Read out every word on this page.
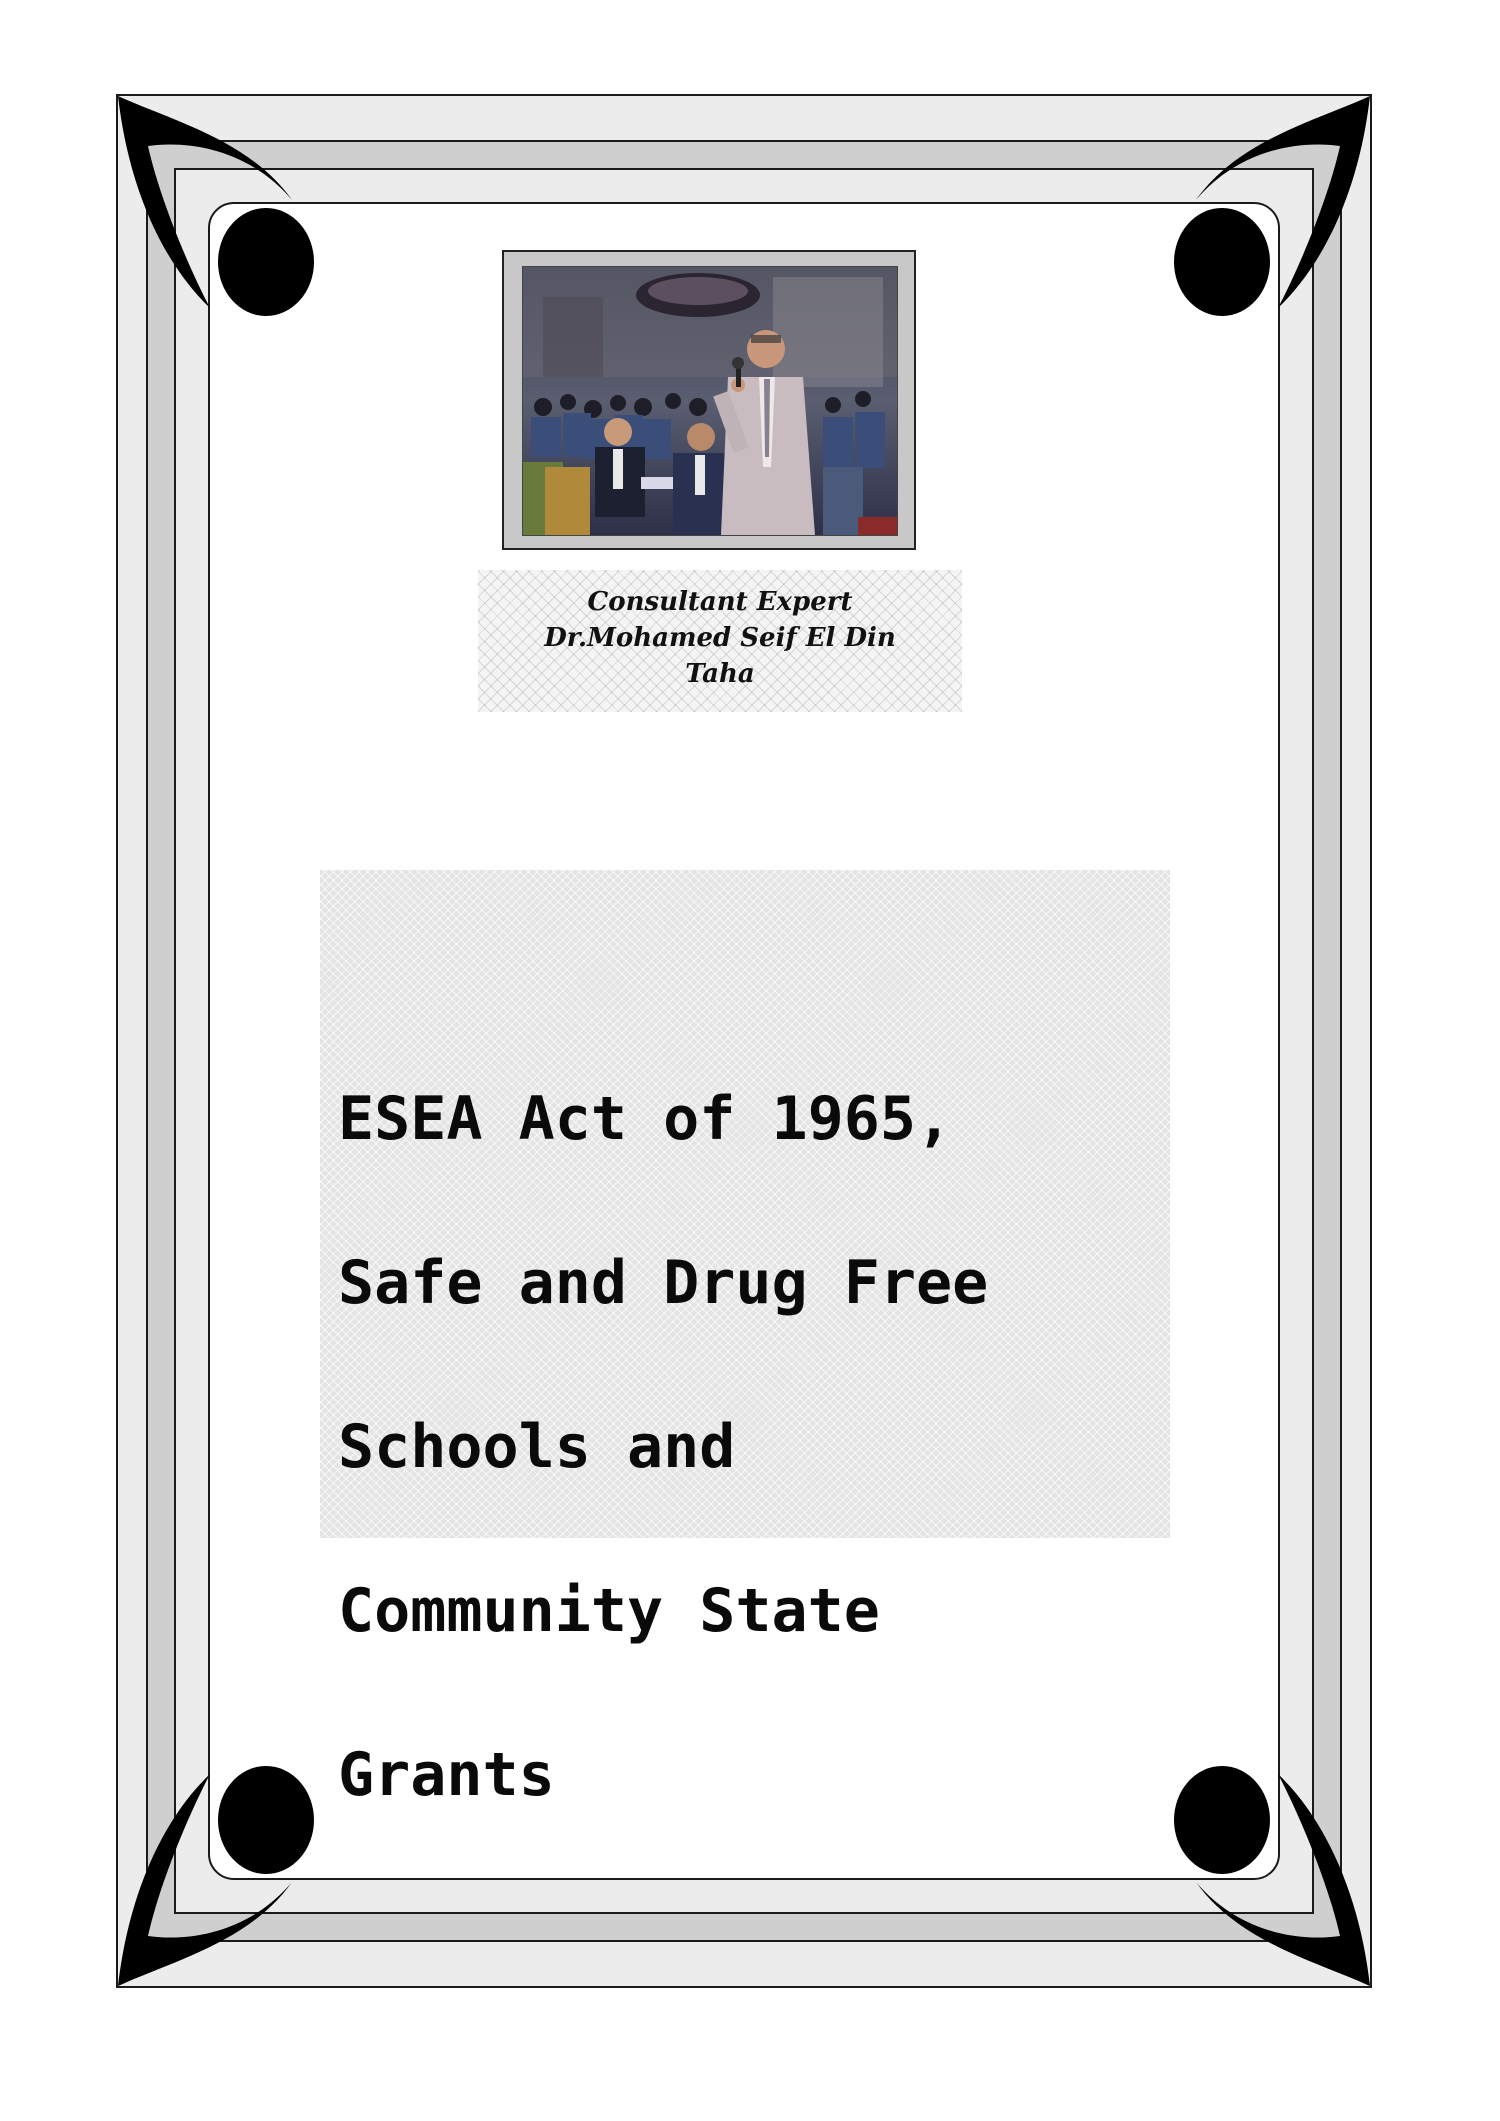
Consultant Expert
Dr.Mohamed Seif El Din
Taha

ESEA Act of 1965,

Safe and Drug Free

Schools and

Community State

Grants
